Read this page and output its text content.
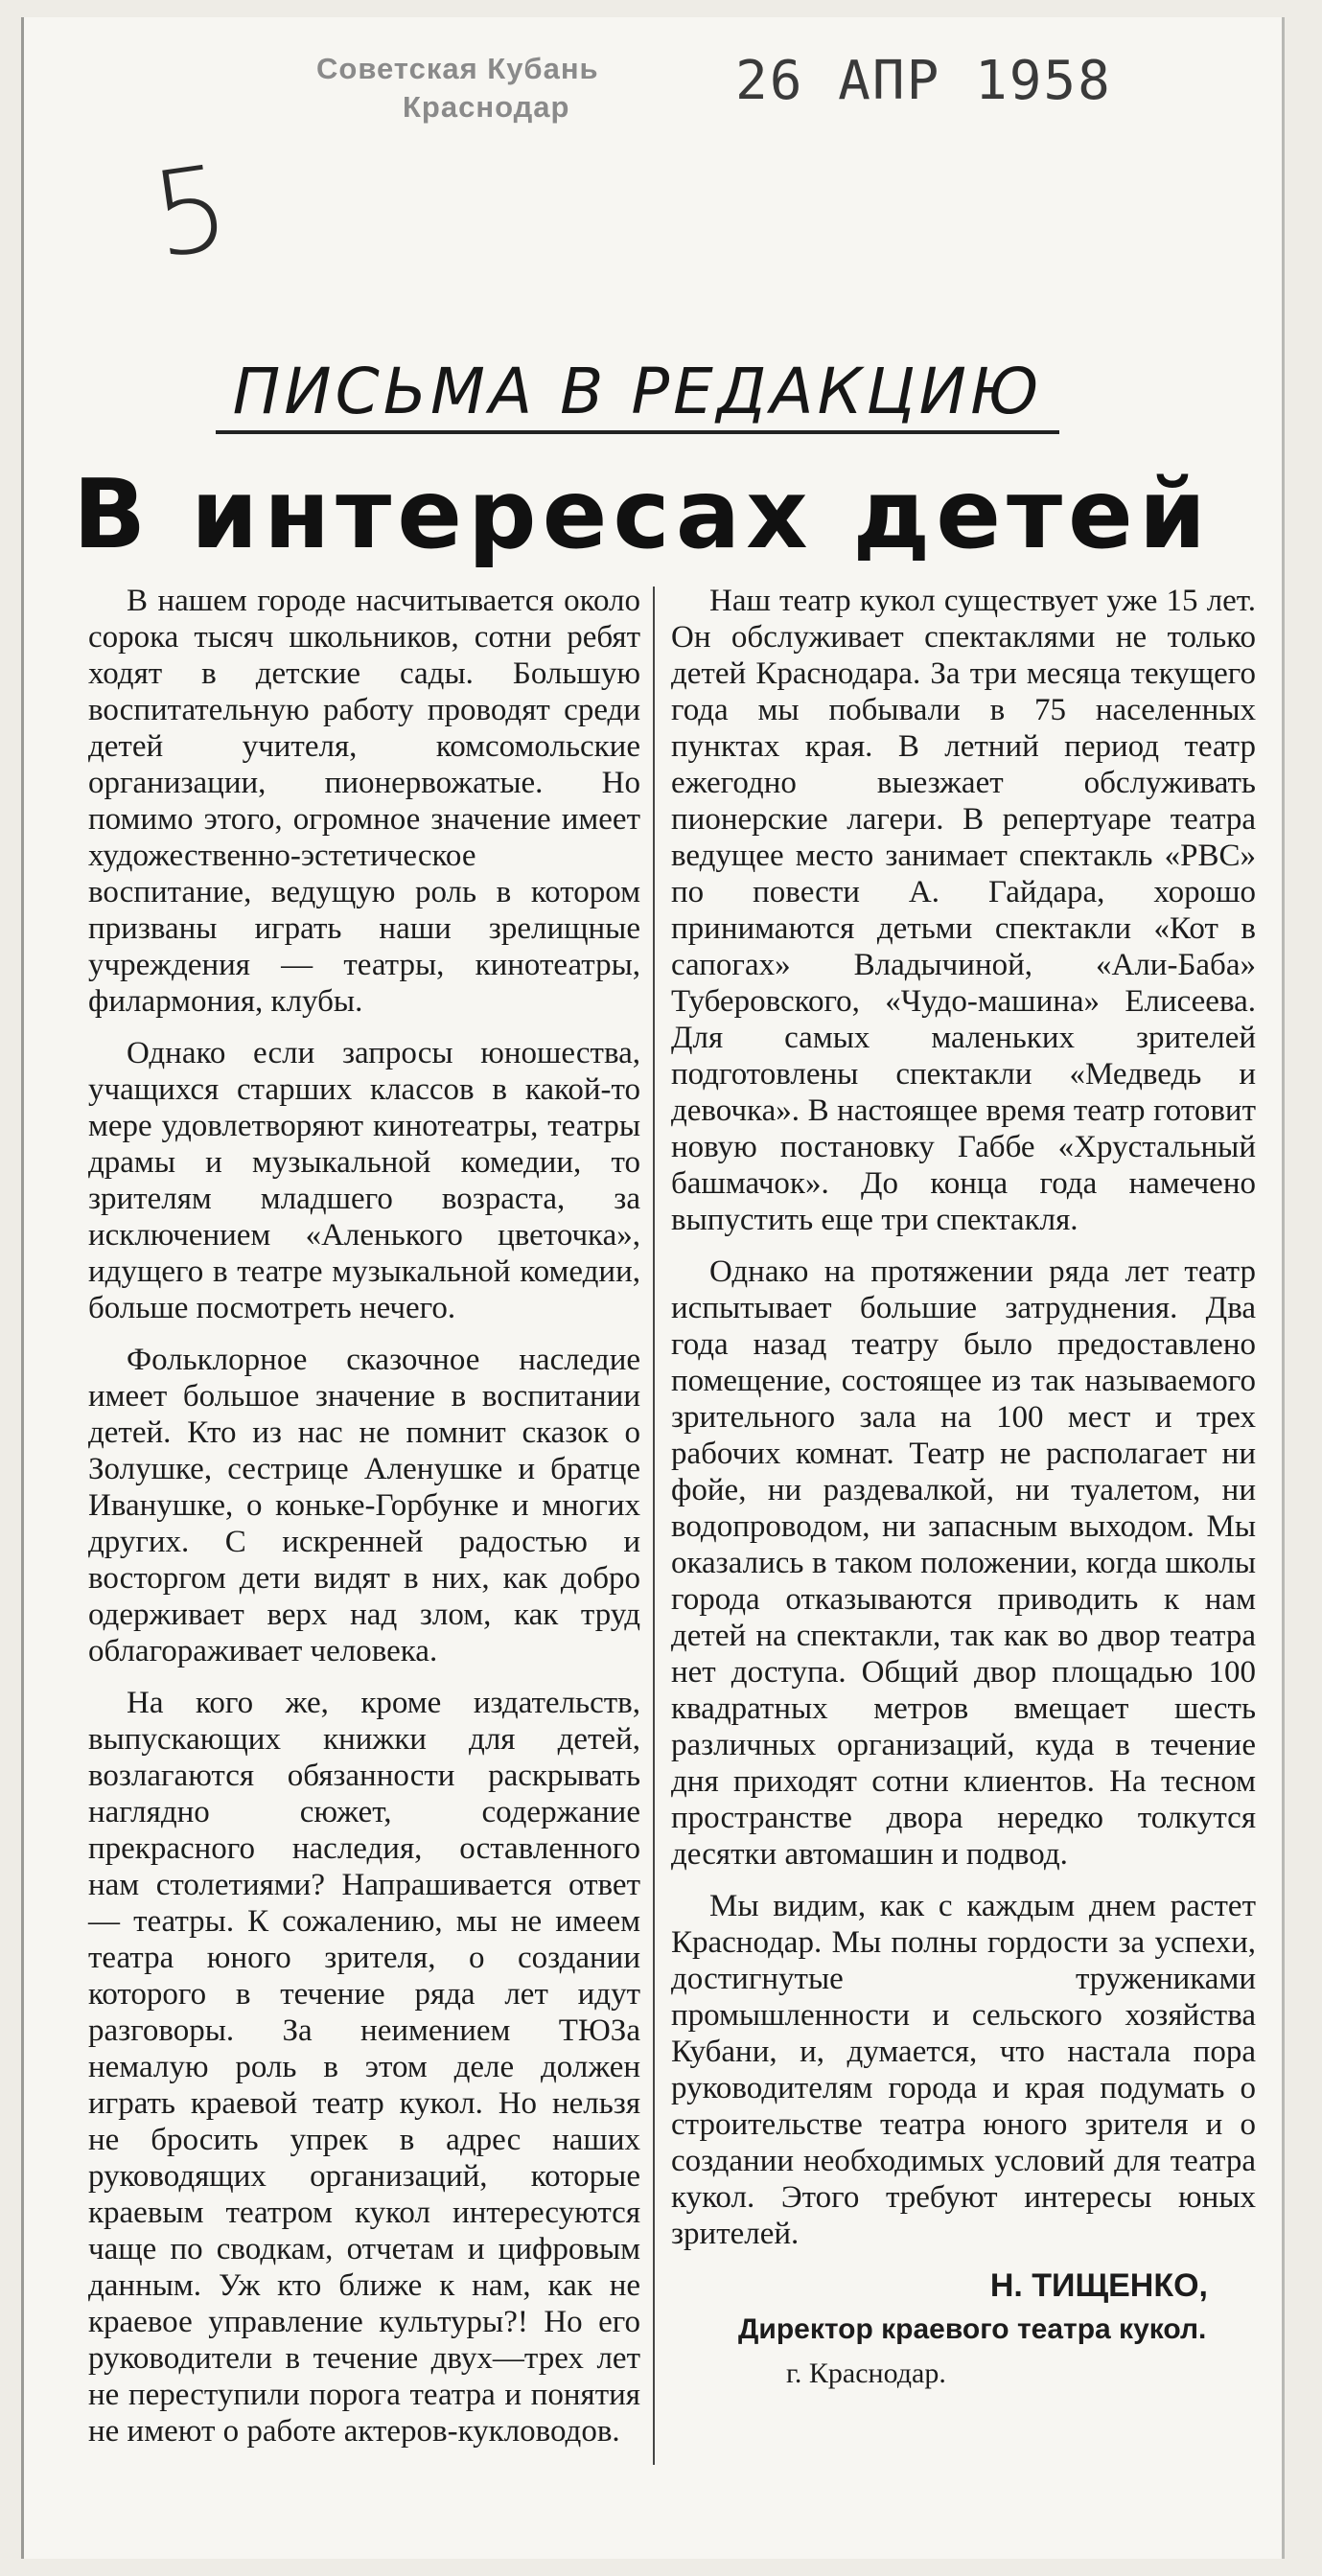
Советская Кубань
Краснодар	26 АПР 1958
5
ПИСЬМА В РЕДАКЦИЮ
В интересах детей

В нашем городе насчитывается около сорока тысяч школьников, сотни ребят ходят в детские сады. Большую воспитательную работу проводят среди детей учителя, комсомольские организации, пионервожатые. Но помимо этого, огромное значение имеет художественно-эстетическое воспитание, ведущую роль в котором призваны играть наши зрелищные учреждения — театры, кинотеатры, филармония, клубы.

Однако если запросы юношества, учащихся старших классов в какой-то мере удовлетворяют кинотеатры, театры драмы и музыкальной комедии, то зрителям младшего возраста, за исключением «Аленького цветочка», идущего в театре музыкальной комедии, больше посмотреть нечего.

Фольклорное сказочное наследие имеет большое значение в воспитании детей. Кто из нас не помнит сказок о Золушке, сестрице Аленушке и братце Иванушке, о коньке-Горбунке и многих других. С искренней радостью и восторгом дети видят в них, как добро одерживает верх над злом, как труд облагораживает человека.

На кого же, кроме издательств, выпускающих книжки для детей, возлагаются обязанности раскрывать наглядно сюжет, содержание прекрасного наследия, оставленного нам столетиями? Напрашивается ответ — театры. К сожалению, мы не имеем театра юного зрителя, о создании которого в течение ряда лет идут разговоры. За неимением ТЮЗа немалую роль в этом деле должен играть краевой театр кукол. Но нельзя не бросить упрек в адрес наших руководящих организаций, которые краевым театром кукол интересуются чаще по сводкам, отчетам и цифровым данным. Уж кто ближе к нам, как не краевое управление культуры?! Но его руководители в течение двух—трех лет не переступили порога театра и понятия не имеют о работе актеров-кукловодов.

Наш театр кукол существует уже 15 лет. Он обслуживает спектаклями не только детей Краснодара. За три месяца текущего года мы побывали в 75 населенных пунктах края. В летний период театр ежегодно выезжает обслуживать пионерские лагери. В репертуаре театра ведущее место занимает спектакль «РВС» по повести А. Гайдара, хорошо принимаются детьми спектакли «Кот в сапогах» Владычиной, «Али-Баба» Туберовского, «Чудо-машина» Елисеева. Для самых маленьких зрителей подготовлены спектакли «Медведь и девочка». В настоящее время театр готовит новую постановку Габбе «Хрустальный башмачок». До конца года намечено выпустить еще три спектакля.

Однако на протяжении ряда лет театр испытывает большие затруднения. Два года назад театру было предоставлено помещение, состоящее из так называемого зрительного зала на 100 мест и трех рабочих комнат. Театр не располагает ни фойе, ни раздевалкой, ни туалетом, ни водопроводом, ни запасным выходом. Мы оказались в таком положении, когда школы города отказываются приводить к нам детей на спектакли, так как во двор театра нет доступа. Общий двор площадью 100 квадратных метров вмещает шесть различных организаций, куда в течение дня приходят сотни клиентов. На тесном пространстве двора нередко толкутся десятки автомашин и подвод.

Мы видим, как с каждым днем растет Краснодар. Мы полны гордости за успехи, достигнутые тружениками промышленности и сельского хозяйства Кубани, и, думается, что настала пора руководителям города и края подумать о строительстве театра юного зрителя и о создании необходимых условий для театра кукол. Этого требуют интересы юных зрителей.

Н. ТИЩЕНКО,
Директор краевого театра кукол.
г. Краснодар.
